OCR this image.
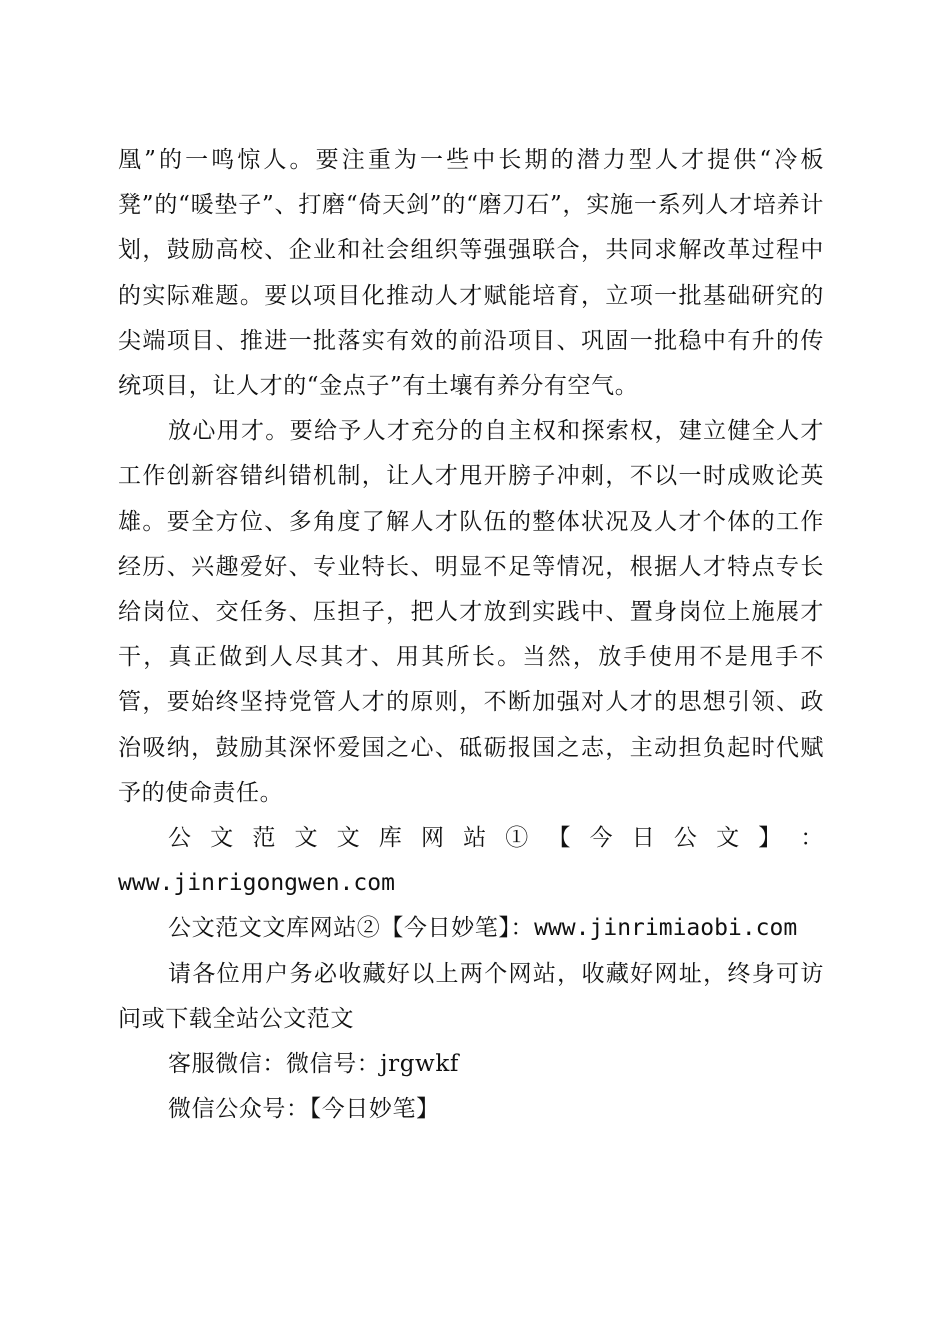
凰”的一鸣惊人。要注重为一些中长期的潜力型人才提供“冷板凳”的“暖垫子”、打磨“倚天剑”的“磨刀石”，实施一系列人才培养计划，鼓励高校、企业和社会组织等强强联合，共同求解改革过程中的实际难题。要以项目化推动人才赋能培育，立项一批基础研究的尖端项目、推进一批落实有效的前沿项目、巩固一批稳中有升的传统项目，让人才的“金点子”有土壤有养分有空气。

放心用才。要给予人才充分的自主权和探索权，建立健全人才工作创新容错纠错机制，让人才甩开膀子冲刺，不以一时成败论英雄。要全方位、多角度了解人才队伍的整体状况及人才个体的工作经历、兴趣爱好、专业特长、明显不足等情况，根据人才特点专长给岗位、交任务、压担子，把人才放到实践中、置身岗位上施展才干，真正做到人尽其才、用其所长。当然，放手使用不是甩手不管，要始终坚持党管人才的原则，不断加强对人才的思想引领、政治吸纳，鼓励其深怀爱国之心、砥砺报国之志，主动担负起时代赋予的使命责任。

公 文 范 文 文 库 网 站 ① 【 今 日 公 文 】 ：

www.jinrigongwen.com

公文范文文库网站②【今日妙笔】：www.jinrimiaobi.com

请各位用户务必收藏好以上两个网站，收藏好网址，终身可访问或下载全站公文范文

客服微信：微信号：jrgwkf

微信公众号：【今日妙笔】
